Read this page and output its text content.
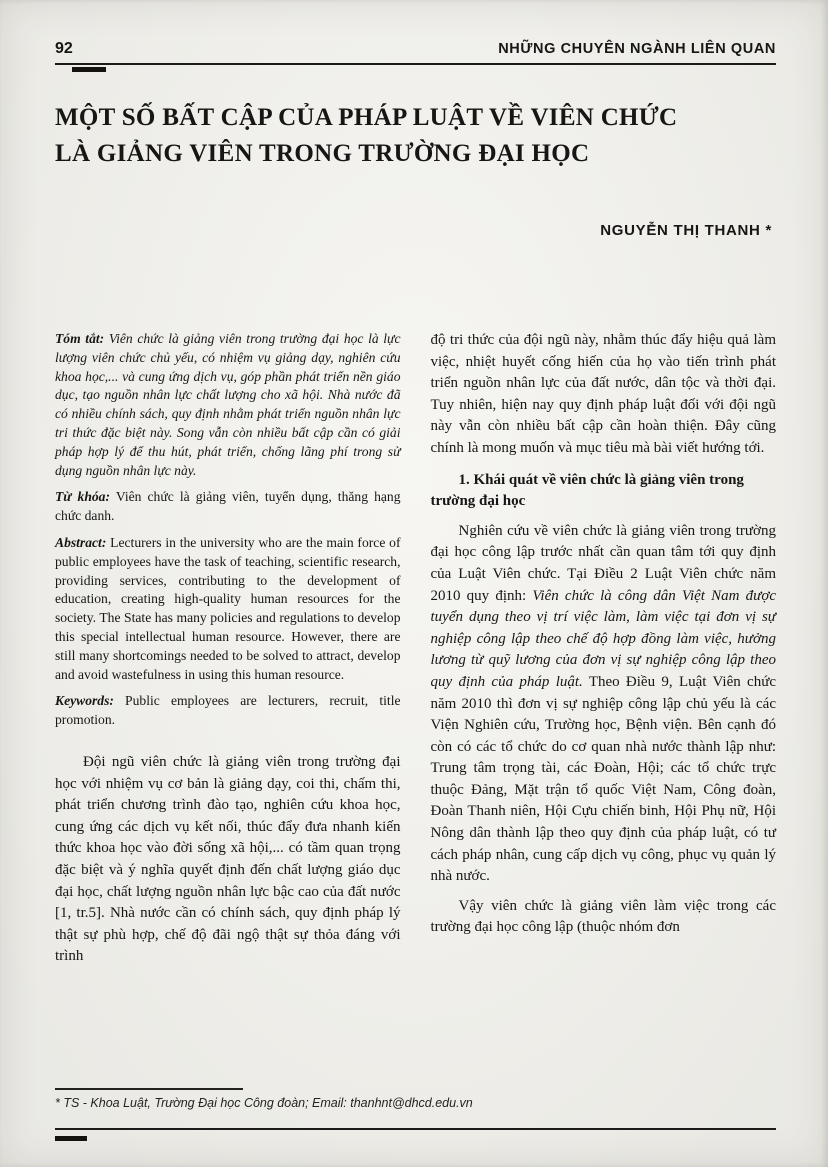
92	NHỮNG CHUYÊN NGÀNH LIÊN QUAN
MỘT SỐ BẤT CẬP CỦA PHÁP LUẬT VỀ VIÊN CHỨC LÀ GIẢNG VIÊN TRONG TRƯỜNG ĐẠI HỌC
NGUYỄN THỊ THANH *

Tóm tắt: Viên chức là giảng viên trong trường đại học là lực lượng viên chức chủ yếu, có nhiệm vụ giảng dạy, nghiên cứu khoa học,... và cung ứng dịch vụ, góp phần phát triển nền giáo dục, tạo nguồn nhân lực chất lượng cho xã hội. Nhà nước đã có nhiều chính sách, quy định nhằm phát triển nguồn nhân lực tri thức đặc biệt này. Song vẫn còn nhiều bất cập cần có giải pháp hợp lý để thu hút, phát triển, chống lãng phí trong sử dụng nguồn nhân lực này.

Từ khóa: Viên chức là giảng viên, tuyển dụng, thăng hạng chức danh.

Abstract: Lecturers in the university who are the main force of public employees have the task of teaching, scientific research, providing services, contributing to the development of education, creating high-quality human resources for the society. The State has many policies and regulations to develop this special intellectual human resource. However, there are still many shortcomings needed to be solved to attract, develop and avoid wastefulness in using this human resource.

Keywords: Public employees are lecturers, recruit, title promotion.

Đội ngũ viên chức là giảng viên trong trường đại học với nhiệm vụ cơ bản là giảng dạy, coi thi, chấm thi, phát triển chương trình đào tạo, nghiên cứu khoa học, cung ứng các dịch vụ kết nối, thúc đẩy đưa nhanh kiến thức khoa học vào đời sống xã hội,... có tầm quan trọng đặc biệt và ý nghĩa quyết định đến chất lượng giáo dục đại học, chất lượng nguồn nhân lực bậc cao của đất nước [1, tr.5]. Nhà nước cần có chính sách, quy định pháp lý thật sự phù hợp, chế độ đãi ngộ thật sự thỏa đáng với trình

độ tri thức của đội ngũ này, nhằm thúc đẩy hiệu quả làm việc, nhiệt huyết cống hiến của họ vào tiến trình phát triển nguồn nhân lực của đất nước, dân tộc và thời đại. Tuy nhiên, hiện nay quy định pháp luật đối với đội ngũ này vẫn còn nhiều bất cập cần hoàn thiện. Đây cũng chính là mong muốn và mục tiêu mà bài viết hướng tới.

1. Khái quát về viên chức là giảng viên trong trường đại học

Nghiên cứu về viên chức là giảng viên trong trường đại học công lập trước nhất cần quan tâm tới quy định của Luật Viên chức. Tại Điều 2 Luật Viên chức năm 2010 quy định: Viên chức là công dân Việt Nam được tuyển dụng theo vị trí việc làm, làm việc tại đơn vị sự nghiệp công lập theo chế độ hợp đồng làm việc, hưởng lương từ quỹ lương của đơn vị sự nghiệp công lập theo quy định của pháp luật. Theo Điều 9, Luật Viên chức năm 2010 thì đơn vị sự nghiệp công lập chủ yếu là các Viện Nghiên cứu, Trường học, Bệnh viện. Bên cạnh đó còn có các tổ chức do cơ quan nhà nước thành lập như: Trung tâm trọng tài, các Đoàn, Hội; các tổ chức trực thuộc Đảng, Mặt trận tổ quốc Việt Nam, Công đoàn, Đoàn Thanh niên, Hội Cựu chiến binh, Hội Phụ nữ, Hội Nông dân thành lập theo quy định của pháp luật, có tư cách pháp nhân, cung cấp dịch vụ công, phục vụ quản lý nhà nước.

Vậy viên chức là giảng viên làm việc trong các trường đại học công lập (thuộc nhóm đơn

* TS - Khoa Luật, Trường Đại học Công đoàn; Email: thanhnt@dhcd.edu.vn
